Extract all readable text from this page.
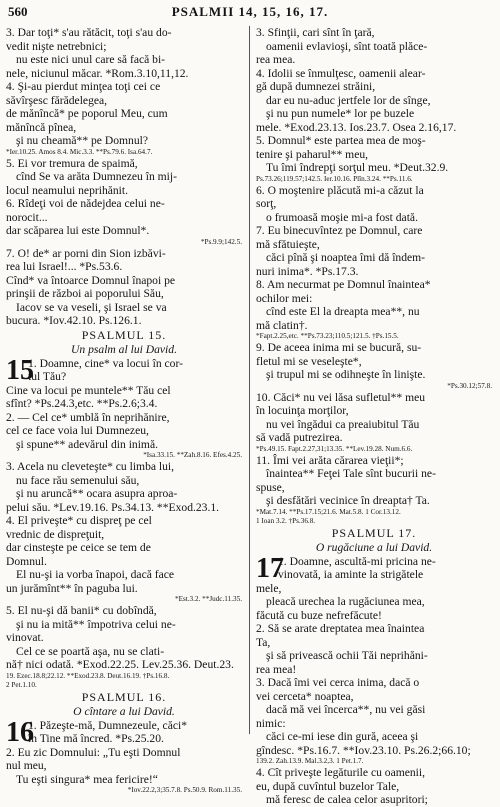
560	PSALMII 14, 15, 16, 17.
3. Dar toţi* s'au rătăcit, toţi s'au do-
vedit nişte netrebnici;
nu este nici unul care să facă bi-
nele, niciunul măcar. *Rom.3.10,11,12.
4. Şi-au pierdut minţea toţi cei ce
săvîrşesc fărădelegea,
de mănîncă* pe poporul Meu, cum
mănîncă pînea,
şi nu cheamă** pe Domnul?
*Ier.10.25. Amos 8.4. Mic.3.3. **Ps.79.6. Isa.64.7.
5. Ei vor tremura de spaimă,
cînd Se va arăta Dumnezeu în mij-
locul neamului neprihănit.
6. Rîdeţi voi de nădejdea celui ne-
norocit...
dar scăparea lui este Domnul*.
*Ps.9.9;142.5.
7. O! de* ar porni din Sion izbăvi-
rea lui Israel!... *Ps.53.6.
Cînd* va întoarce Domnul înapoi pe
prinşii de război ai poporului Său,
Iacov se va veseli, şi Israel se va
bucura. *Iov.42.10. Ps.126.1.
PSALMUL 15.
Un psalm al lui David.
15
1. Doamne, cine* va locui în cor-
tul Tău?
Cine va locui pe muntele** Tău cel
sfînt? *Ps.24.3,etc. **Ps.2.6;3.4.
2. — Cel ce* umblă în neprihănire,
cel ce face voia lui Dumnezeu,
şi spune** adevărul din inimă.
*Isa.33.15. **Zah.8.16. Efes.4.25.
3. Acela nu cleveteşte* cu limba lui,
nu face rău semenului său,
şi nu aruncă** ocara asupra aproa-
pelui său. *Lev.19.16. Ps.34.13. **Exod.23.1.
4. El priveşte* cu dispreţ pe cel
vrednic de dispreţuit,
dar cinsteşte pe ceice se tem de
Domnul.
El nu-şi ia vorba înapoi, dacă face
un jurămînt** în paguba lui.
*Est.3.2. **Judc.11.35.
5. El nu-şi dă banii* cu dobîndă,
şi nu ia mită** împotriva celui ne-
vinovat.
Cel ce se poartă aşa, nu se clati-
nă† nici odată. *Exod.22.25. Lev.25.36. Deut.23.
19. Ezec.18.8;22.12. **Exod.23.8. Deut.16.19. †Ps.16.8.
2 Pet.1.10.
PSALMUL 16.
O cîntare a lui David.
16
1. Păzeşte-mă, Dumnezeule, căci*
în Tine mă încred. *Ps.25.20.
2. Eu zic Domnului: „Tu eşti Domnul
nul meu,
Tu eşti singura* mea fericire!“
*Iov.22.2,3;35.7.8. Ps.50.9. Rom.11.35.
3. Sfinţii, cari sînt în ţară,
oamenii evlavioşi, sînt toată plăce-
rea mea.
4. Idolii se înmulţesc, oamenii alear-
gă după dumnezei străini,
dar eu nu-aduc jertfele lor de sînge,
şi nu pun numele* lor pe buzele
mele. *Exod.23.13. Ios.23.7. Osea 2.16,17.
5. Domnul* este partea mea de moş-
tenire şi paharul** meu,
Tu îmi îndrepţi sorţul meu. *Deut.32.9.
Ps.73.26;119.57;142.5. Ier.10.16. Plîn.3.24. **Ps.11.6.
6. O moştenire plăcută mi-a căzut la
sorţ,
o frumoasă moşie mi-a fost dată.
7. Eu binecuvîntez pe Domnul, care
mă sfătuieşte,
căci pînă şi noaptea îmi dă îndem-
nuri inima*. *Ps.17.3.
8. Am necurmat pe Domnul înaintea*
ochilor mei:
cînd este El la dreapta mea**, nu
mă clatin†.
*Fapt.2.25,etc. **Ps.73.23;110.5;121.5. †Ps.15.5.
9. De aceea inima mi se bucură, su-
fletul mi se veseleşte*,
şi trupul mi se odihneşte în linişte.
*Ps.30.12;57.8.
10. Căci* nu vei lăsa sufletul** meu
în locuinţa morţilor,
nu vei îngădui ca preaiubitul Tău
să vadă putrezirea.
*Ps.49.15. Fapt.2.27,31;13.35. **Lev.19.28. Num.6.6.
11. Îmi vei arăta cărarea vieţii*;
înaintea** Feţei Tale sînt bucurii ne-
spuse,
şi desfătări vecinice în dreapta† Ta.
*Mat.7.14. **Ps.17.15;21.6. Mat.5.8. 1 Cor.13.12.
1 Ioan 3.2. †Ps.36.8.
PSALMUL 17.
O rugăciune a lui David.
17
1. Doamne, ascultă-mi pricina ne-
vinovată, ia aminte la strigătele
mele,
pleacă urechea la rugăciunea mea,
făcută cu buze nefrefăcute!
2. Să se arate dreptatea mea înaintea
Ta,
şi să privească ochii Tăi neprihăni-
rea mea!
3. Dacă îmi vei cerca inima, dacă o
vei cerceta* noaptea,
dacă mă vei încerca**, nu vei găsi
nimic:
căci ce-mi iese din gură, aceea şi
gîndesc. *Ps.16.7. **Iov.23.10. Ps.26.2;66.10;
139.2. Zah.13.9. Mal.3.2,3. 1 Pet.1.7.
4. Cît priveşte legăturile cu oamenii,
eu, după cuvîntul buzelor Tale,
mă feresc de calea celor asupritori;
